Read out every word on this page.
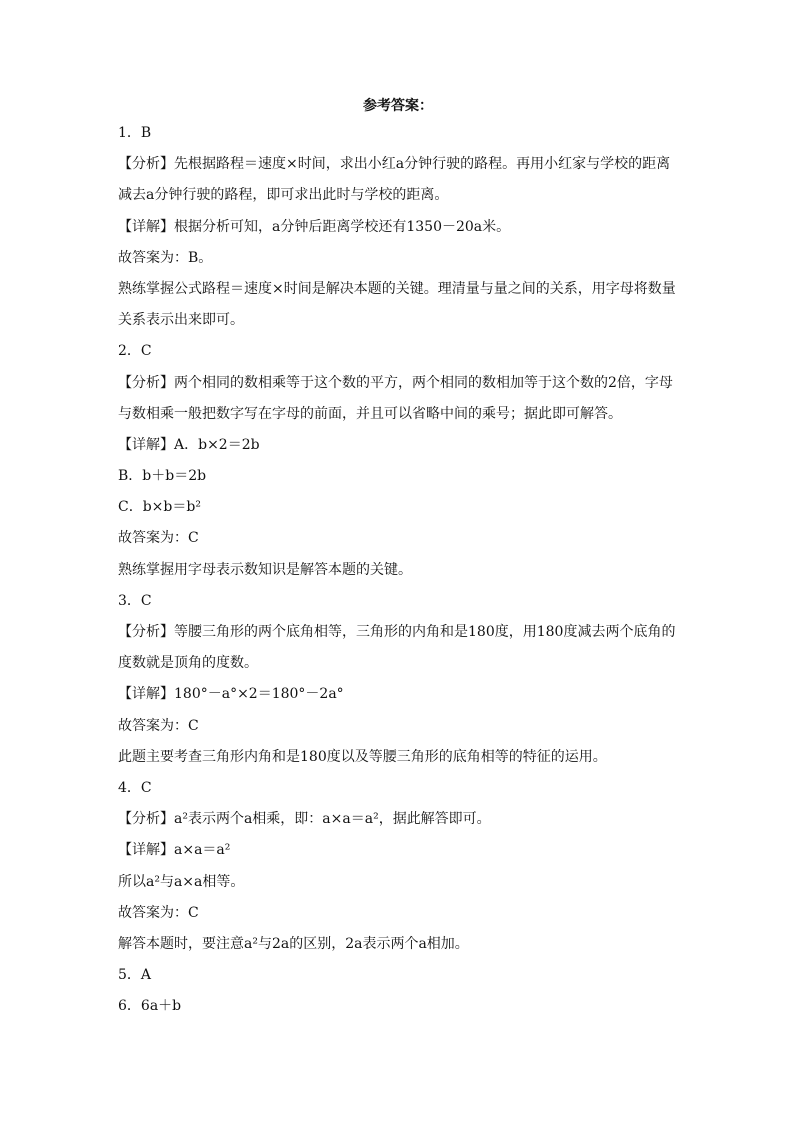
参考答案：
1．B
【分析】先根据路程＝速度×时间，求出小红a分钟行驶的路程。再用小红家与学校的距离
减去a分钟行驶的路程，即可求出此时与学校的距离。
【详解】根据分析可知，a分钟后距离学校还有1350－20a米。
故答案为：B。
熟练掌握公式路程＝速度×时间是解决本题的关键。理清量与量之间的关系，用字母将数量
关系表示出来即可。
2．C
【分析】两个相同的数相乘等于这个数的平方，两个相同的数相加等于这个数的2倍，字母
与数相乘一般把数字写在字母的前面，并且可以省略中间的乘号；据此即可解答。
【详解】A．b×2＝2b
B．b＋b＝2b
C．b×b＝b²
故答案为：C
熟练掌握用字母表示数知识是解答本题的关键。
3．C
【分析】等腰三角形的两个底角相等，三角形的内角和是180度，用180度减去两个底角的
度数就是顶角的度数。
【详解】180°－a°×2＝180°－2a°
故答案为：C
此题主要考查三角形内角和是180度以及等腰三角形的底角相等的特征的运用。
4．C
【分析】a²表示两个a相乘，即：a×a＝a²，据此解答即可。
【详解】a×a＝a²
所以a²与a×a相等。
故答案为：C
解答本题时，要注意a²与2a的区别，2a表示两个a相加。
5．A
6．6a＋b
